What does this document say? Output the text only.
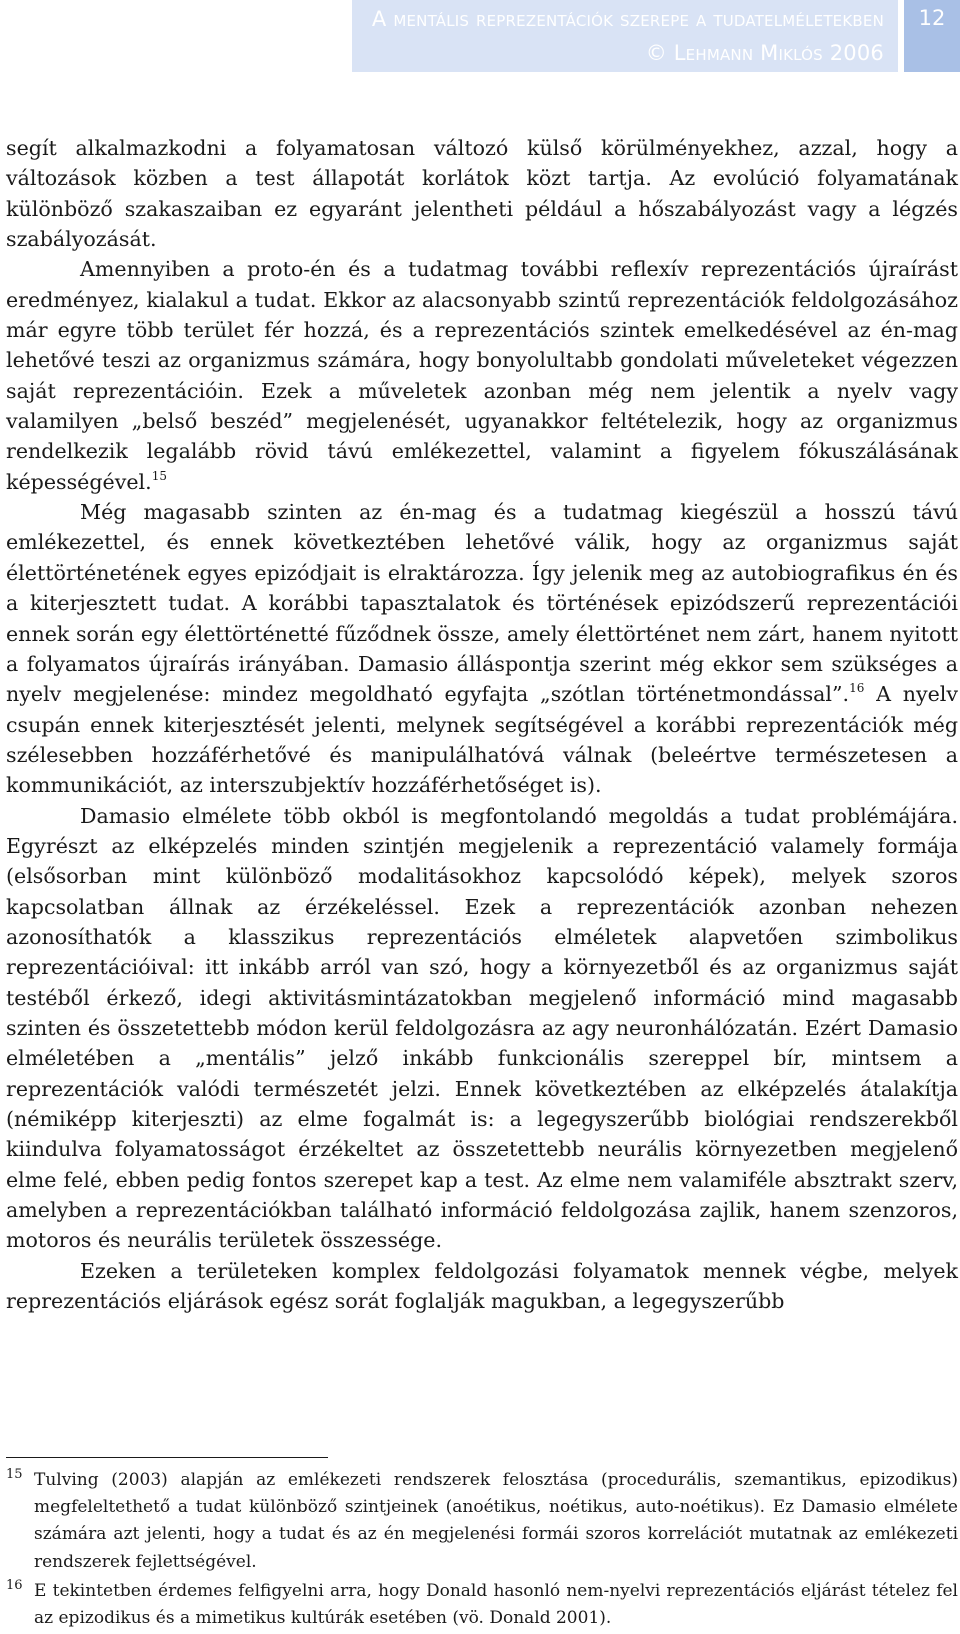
A mentális reprezentációk szerepe a tudatelméletekben
© Lehmann Miklós 2006
12

segít alkalmazkodni a folyamatosan változó külső körülményekhez, azzal, hogy a változások közben a test állapotát korlátok közt tartja. Az evolúció folyamatának különböző szakaszaiban ez egyaránt jelentheti például a hőszabályozást vagy a légzés szabályozását.

Amennyiben a proto-én és a tudatmag további reflexív reprezentációs újraírást eredményez, kialakul a tudat. Ekkor az alacsonyabb szintű reprezentációk feldolgozásához már egyre több terület fér hozzá, és a reprezentációs szintek emelkedésével az én-mag lehetővé teszi az organizmus számára, hogy bonyolultabb gondolati műveleteket végezzen saját reprezentációin. Ezek a műveletek azonban még nem jelentik a nyelv vagy valamilyen „belső beszéd” megjelenését, ugyanakkor feltételezik, hogy az organizmus rendelkezik legalább rövid távú emlékezettel, valamint a figyelem fókuszálásának képességével.$^{15}$

Még magasabb szinten az én-mag és a tudatmag kiegészül a hosszú távú emlékezettel, és ennek következtében lehetővé válik, hogy az organizmus saját élettörténetének egyes epizódjait is elraktározza. Így jelenik meg az autobiografikus én és a kiterjesztett tudat. A korábbi tapasztalatok és történések epizódszerű reprezentációi ennek során egy élettörténetté fűződnek össze, amely élettörténet nem zárt, hanem nyitott a folyamatos újraírás irányában. Damasio álláspontja szerint még ekkor sem szükséges a nyelv megjelenése: mindez megoldható egyfajta „szótlan történetmondással”.$^{16}$ A nyelv csupán ennek kiterjesztését jelenti, melynek segítségével a korábbi reprezentációk még szélesebben hozzáférhetővé és manipulálhatóvá válnak (beleértve természetesen a kommunikációt, az interszubjektív hozzáférhetőséget is).

Damasio elmélete több okból is megfontolandó megoldás a tudat problémájára. Egyrészt az elképzelés minden szintjén megjelenik a reprezentáció valamely formája (elsősorban mint különböző modalitásokhoz kapcsolódó képek), melyek szoros kapcsolatban állnak az érzékeléssel. Ezek a reprezentációk azonban nehezen azonosíthatók a klasszikus reprezentációs elméletek alapvetően szimbolikus reprezentációival: itt inkább arról van szó, hogy a környezetből és az organizmus saját testéből érkező, idegi aktivitásmintázatokban megjelenő információ mind magasabb szinten és összetettebb módon kerül feldolgozásra az agy neuronhálózatán. Ezért Damasio elméletében a „mentális” jelző inkább funkcionális szereppel bír, mintsem a reprezentációk valódi természetét jelzi. Ennek következtében az elképzelés átalakítja (némiképp kiterjeszti) az elme fogalmát is: a legegyszerűbb biológiai rendszerekből kiindulva folyamatosságot érzékeltet az összetettebb neurális környezetben megjelenő elme felé, ebben pedig fontos szerepet kap a test. Az elme nem valamiféle absztrakt szerv, amelyben a reprezentációkban található információ feldolgozása zajlik, hanem szenzoros, motoros és neurális területek összessége.

Ezeken a területeken komplex feldolgozási folyamatok mennek végbe, melyek reprezentációs eljárások egész sorát foglalják magukban, a legegyszerűbb

15 Tulving (2003) alapján az emlékezeti rendszerek felosztása (procedurális, szemantikus, epizodikus) megfeleltethető a tudat különböző szintjeinek (anoétikus, noétikus, auto-noétikus). Ez Damasio elmélete számára azt jelenti, hogy a tudat és az én megjelenési formái szoros korrelációt mutatnak az emlékezeti rendszerek fejlettségével.
16 E tekintetben érdemes felfigyelni arra, hogy Donald hasonló nem-nyelvi reprezentációs eljárást tételez fel az epizodikus és a mimetikus kultúrák esetében (vö. Donald 2001).
